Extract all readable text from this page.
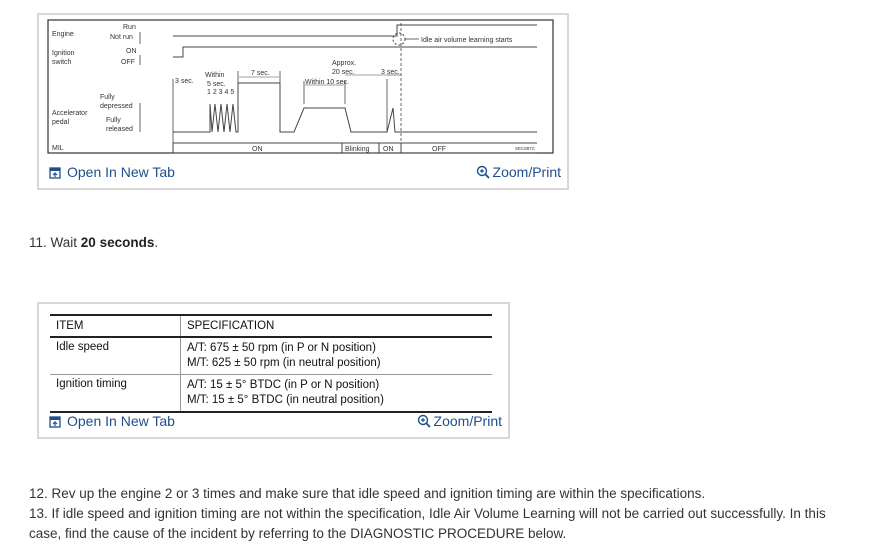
Engine
Run
Not run
Ignition
switch
ON
OFF
Idle air volume learning starts
Within
5 sec.
3 sec.
7 sec.
Approx.
20 sec.	3 sec.
Within 10 sec.
1 2 3 4 5
Fully
depressed
Accelerator
pedal	Fully
released
MIL	ON	Blinking ON	OFF	SEC897C
Open In New Tab	Zoom/Print
11. Wait 20 seconds.
ITEM	SPECIFICATION
Idle speed	A/T: 675 ± 50 rpm (in P or N position)
M/T: 625 ± 50 rpm (in neutral position)

Ignition timing	A/T: 15 ± 5° BTDC (in P or N position)
M/T: 15 ± 5° BTDC (in neutral position)
Open In New Tab	Zoom/Print
12. Rev up the engine 2 or 3 times and make sure that idle speed and ignition timing are within the specifications.
13. If idle speed and ignition timing are not within the specification, Idle Air Volume Learning will not be carried out successfully. In this
case, find the cause of the incident by referring to the DIAGNOSTIC PROCEDURE below.
